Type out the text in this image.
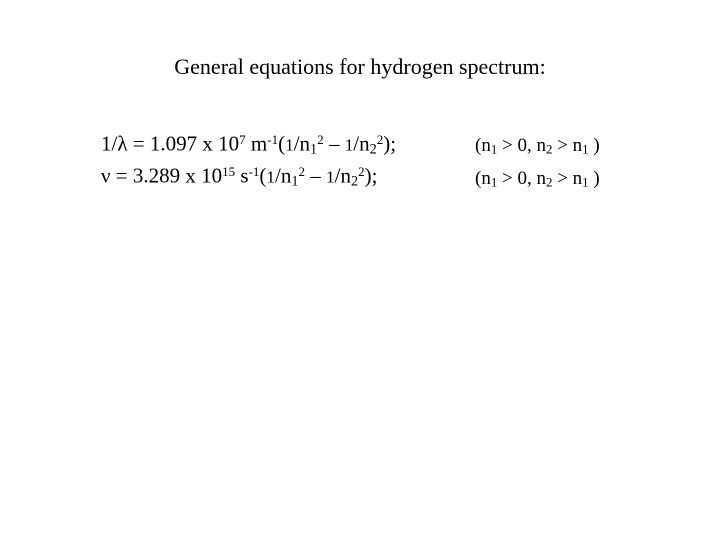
General equations for hydrogen spectrum:
1/λ = 1.097 x $10^7$ $m^{-1}(1/n_1^2 - 1/n_2^2)$;	($n_1 > 0$, $n_2 > n_1$ )
ν = 3.289 x $10^{15}$ $s^{-1}(1/n_1^2 - 1/n_2^2)$;	($n_1 > 0$, $n_2 > n_1$ )
